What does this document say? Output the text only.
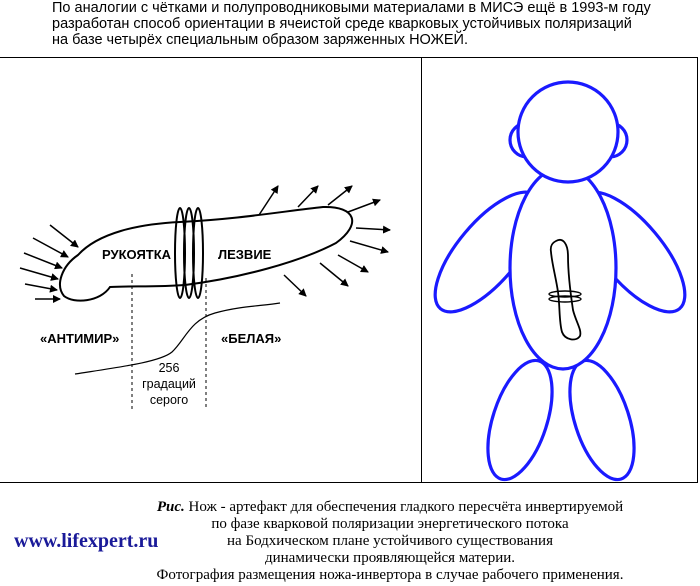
По аналогии с чётками и полупроводниковыми материалами в МИСЭ ещё в 1993-м году
разработан способ ориентации в ячеистой среде кварковых устойчивых поляризаций
на базе четырёх специальным образом заряженных НОЖЕЙ.
РУКОЯТКА	ЛЕЗВИЕ
«АНТИМИР»	«БЕЛАЯ»
256
градаций
серого
Рис. Нож - артефакт для обеспечения гладкого пересчёта инвертируемой
по фазе кварковой поляризации энергетического потока
на Бодхическом плане устойчивого существования
динамически проявляющейся материи.
Фотография размещения ножа-инвертора в случае рабочего применения.
www.lifexpert.ru
